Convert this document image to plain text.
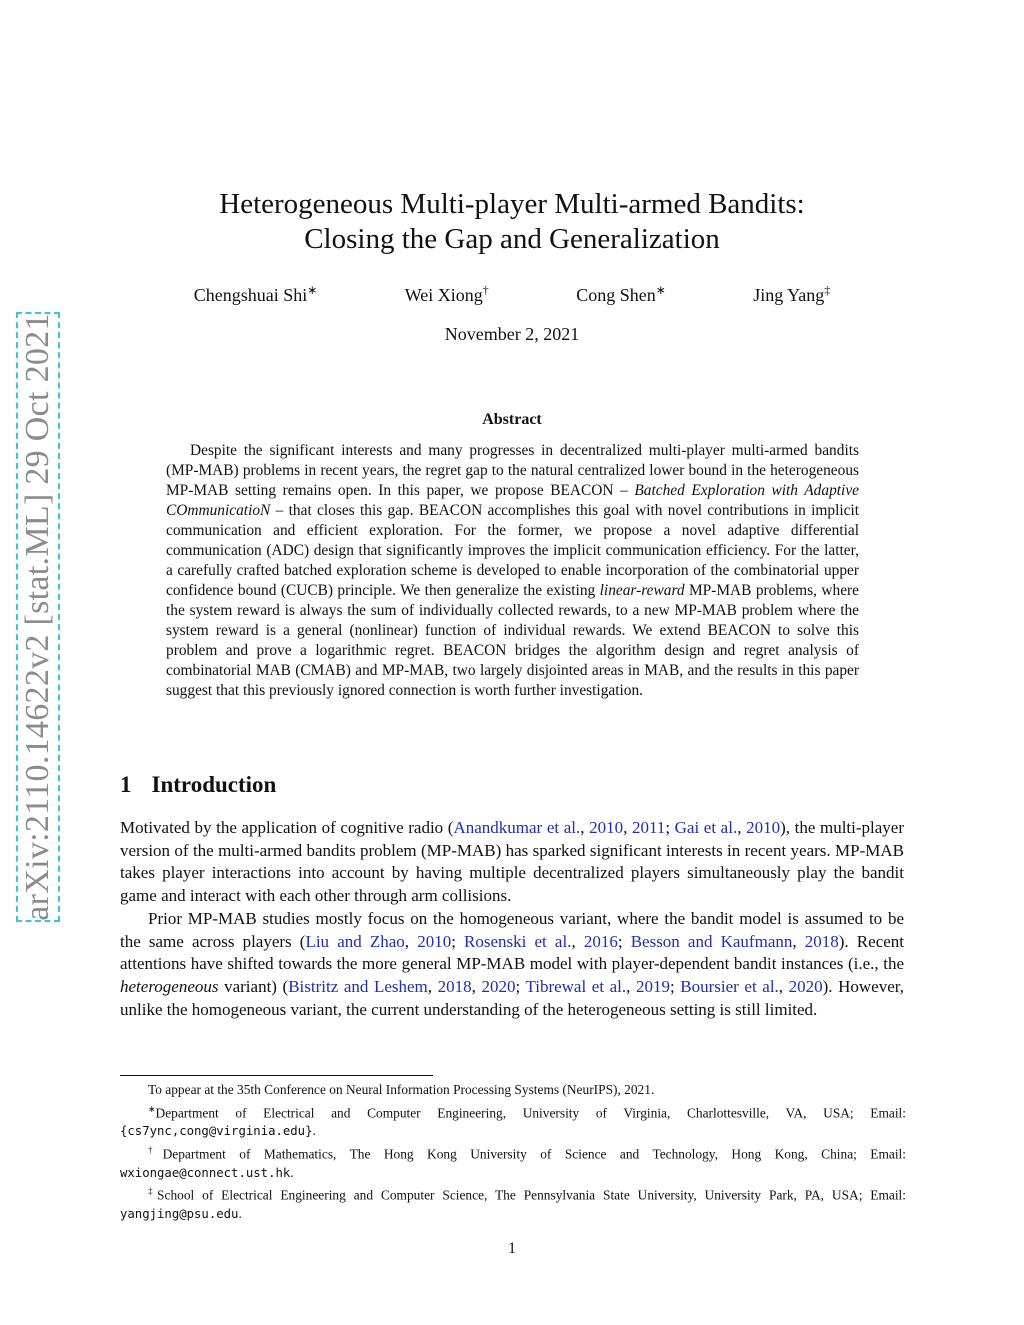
arXiv:2110.14622v2 [stat.ML] 29 Oct 2021
Heterogeneous Multi-player Multi-armed Bandits:
Closing the Gap and Generalization
Chengshuai Shi∗	Wei Xiong†	Cong Shen∗	Jing Yang‡
November 2, 2021
Abstract
Despite the significant interests and many progresses in decentralized multi-player multi-armed bandits (MP-MAB) problems in recent years, the regret gap to the natural centralized lower bound in the heterogeneous MP-MAB setting remains open. In this paper, we propose BEACON – Batched Exploration with Adaptive COmmunicatioN – that closes this gap. BEACON accomplishes this goal with novel contributions in implicit communication and efficient exploration. For the former, we propose a novel adaptive differential communication (ADC) design that significantly improves the implicit communication efficiency. For the latter, a carefully crafted batched exploration scheme is developed to enable incorporation of the combinatorial upper confidence bound (CUCB) principle. We then generalize the existing linear-reward MP-MAB problems, where the system reward is always the sum of individually collected rewards, to a new MP-MAB problem where the system reward is a general (nonlinear) function of individual rewards. We extend BEACON to solve this problem and prove a logarithmic regret. BEACON bridges the algorithm design and regret analysis of combinatorial MAB (CMAB) and MP-MAB, two largely disjointed areas in MAB, and the results in this paper suggest that this previously ignored connection is worth further investigation.
1 Introduction

Motivated by the application of cognitive radio (Anandkumar et al., 2010, 2011; Gai et al., 2010), the multi-player version of the multi-armed bandits problem (MP-MAB) has sparked significant interests in recent years. MP-MAB takes player interactions into account by having multiple decentralized players simultaneously play the bandit game and interact with each other through arm collisions.

Prior MP-MAB studies mostly focus on the homogeneous variant, where the bandit model is assumed to be the same across players (Liu and Zhao, 2010; Rosenski et al., 2016; Besson and Kaufmann, 2018). Recent attentions have shifted towards the more general MP-MAB model with player-dependent bandit instances (i.e., the heterogeneous variant) (Bistritz and Leshem, 2018, 2020; Tibrewal et al., 2019; Boursier et al., 2020). However, unlike the homogeneous variant, the current understanding of the heterogeneous setting is still limited.

To appear at the 35th Conference on Neural Information Processing Systems (NeurIPS), 2021.

∗Department of Electrical and Computer Engineering, University of Virginia, Charlottesville, VA, USA; Email: {cs7ync,cong@virginia.edu}.

†Department of Mathematics, The Hong Kong University of Science and Technology, Hong Kong, China; Email: wxiongae@connect.ust.hk.

‡School of Electrical Engineering and Computer Science, The Pennsylvania State University, University Park, PA, USA; Email: yangjing@psu.edu.

1
